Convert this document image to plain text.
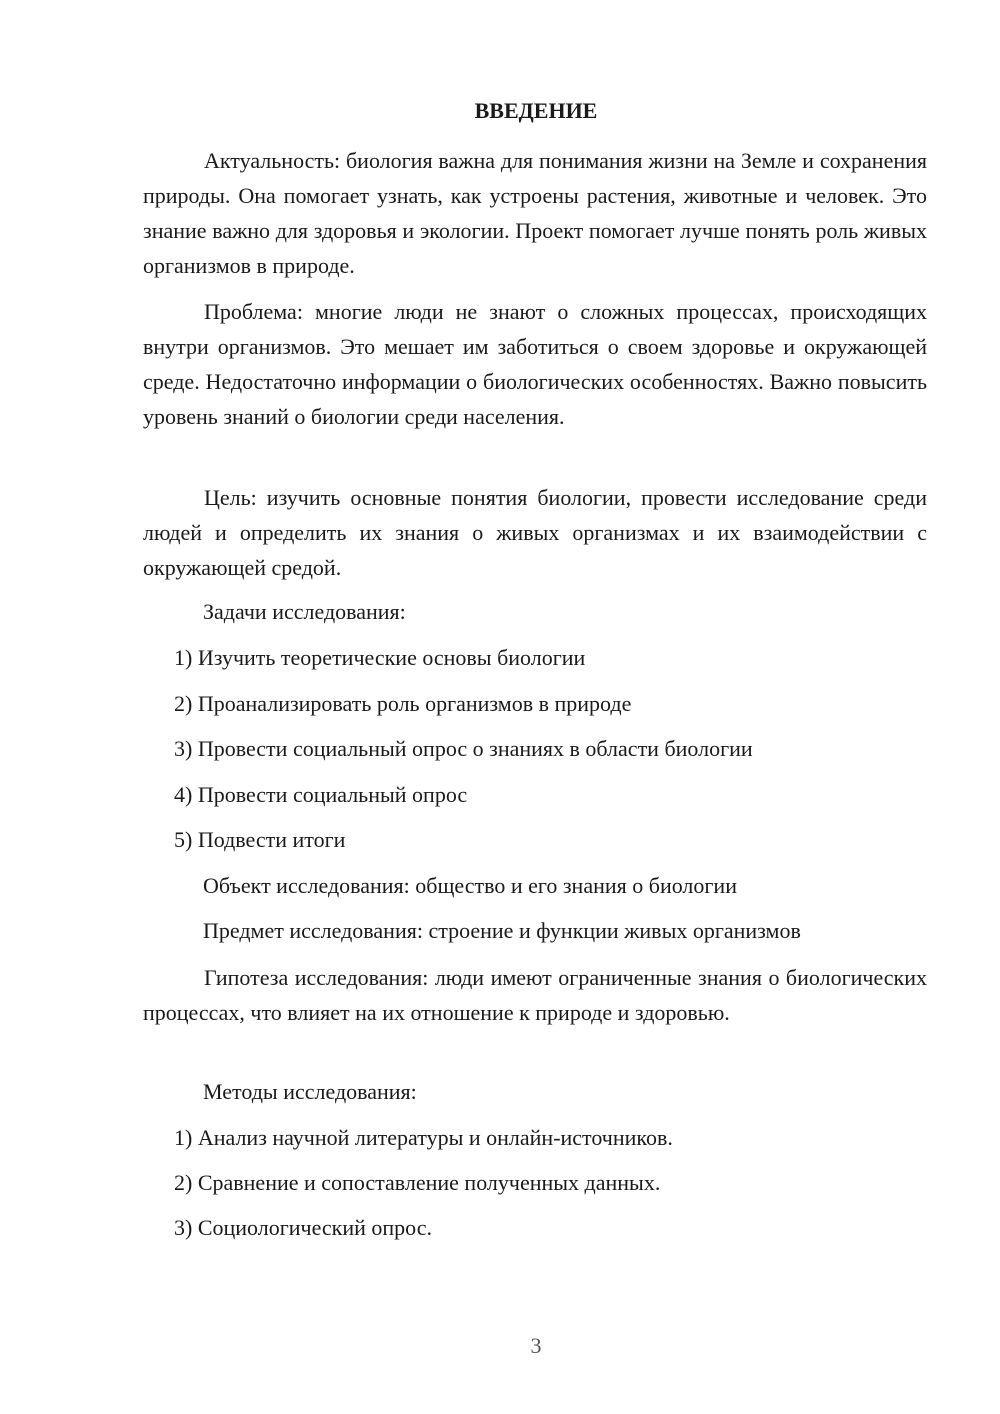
ВВЕДЕНИЕ

Актуальность: биология важна для понимания жизни на Земле и сохранения природы. Она помогает узнать, как устроены растения, животные и человек. Это знание важно для здоровья и экологии. Проект помогает лучше понять роль живых организмов в природе.

Проблема: многие люди не знают о сложных процессах, происходящих внутри организмов. Это мешает им заботиться о своем здоровье и окружающей среде. Недостаточно информации о биологических особенностях. Важно повысить уровень знаний о биологии среди населения.

Цель: изучить основные понятия биологии, провести исследование среди людей и определить их знания о живых организмах и их взаимодействии с окружающей средой.

Задачи исследования:
1) Изучить теоретические основы биологии
2) Проанализировать роль организмов в природе
3) Провести социальный опрос о знаниях в области биологии
4) Провести социальный опрос
5) Подвести итоги
Объект исследования: общество и его знания о биологии
Предмет исследования: строение и функции живых организмов

Гипотеза исследования: люди имеют ограниченные знания о биологических процессах, что влияет на их отношение к природе и здоровью.

Методы исследования:
1) Анализ научной литературы и онлайн-источников.
2) Сравнение и сопоставление полученных данных.
3) Социологический опрос.
3
